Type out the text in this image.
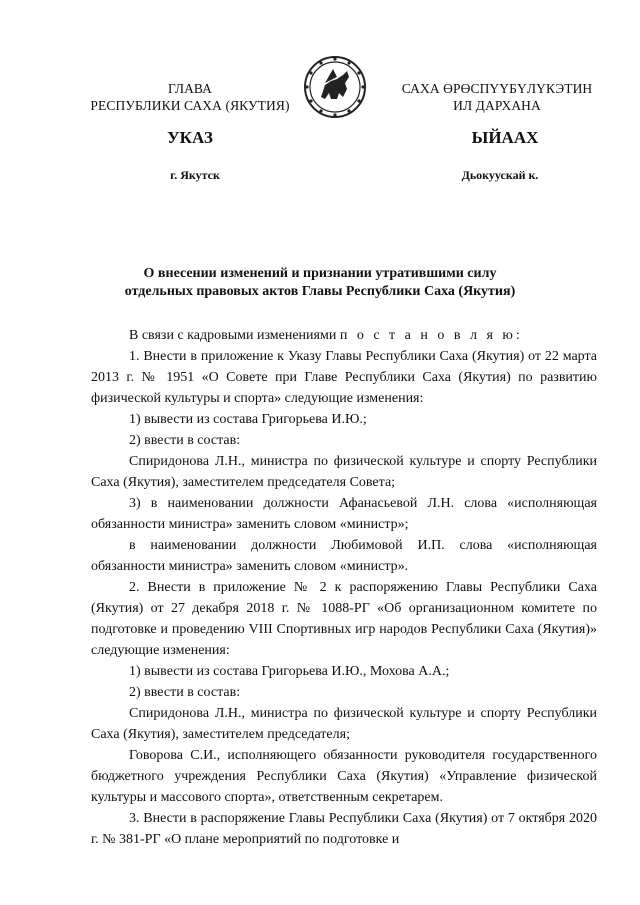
ГЛАВА
РЕСПУБЛИКИ САХА (ЯКУТИЯ)
САХА ӨРӨСПҮҮБҮЛҮКЭТИН
ИЛ ДАРХАНА
УКАЗ	ЫЙААХ
г. Якутск	Дьокуускай к.
О внесении изменений и признании утратившими силу
отдельных правовых актов Главы Республики Саха (Якутия)

В связи с кадровыми изменениями п о с т а н о в л я ю:

1. Внести в приложение к Указу Главы Республики Саха (Якутия) от 22 марта 2013 г. № 1951 «О Совете при Главе Республики Саха (Якутия) по развитию физической культуры и спорта» следующие изменения:

1) вывести из состава Григорьева И.Ю.;

2) ввести в состав:

Спиридонова Л.Н., министра по физической культуре и спорту Республики Саха (Якутия), заместителем председателя Совета;

3) в наименовании должности Афанасьевой Л.Н. слова «исполняющая обязанности министра» заменить словом «министр»;

в наименовании должности Любимовой И.П. слова «исполняющая обязанности министра» заменить словом «министр».

2. Внести в приложение № 2 к распоряжению Главы Республики Саха (Якутия) от 27 декабря 2018 г. № 1088-РГ «Об организационном комитете по подготовке и проведению VIII Спортивных игр народов Республики Саха (Якутия)» следующие изменения:

1) вывести из состава Григорьева И.Ю., Мохова А.А.;

2) ввести в состав:

Спиридонова Л.Н., министра по физической культуре и спорту Республики Саха (Якутия), заместителем председателя;

Говорова С.И., исполняющего обязанности руководителя государственного бюджетного учреждения Республики Саха (Якутия) «Управление физической культуры и массового спорта», ответственным секретарем.

3. Внести в распоряжение Главы Республики Саха (Якутия) от 7 октября 2020 г. № 381-РГ «О плане мероприятий по подготовке и
